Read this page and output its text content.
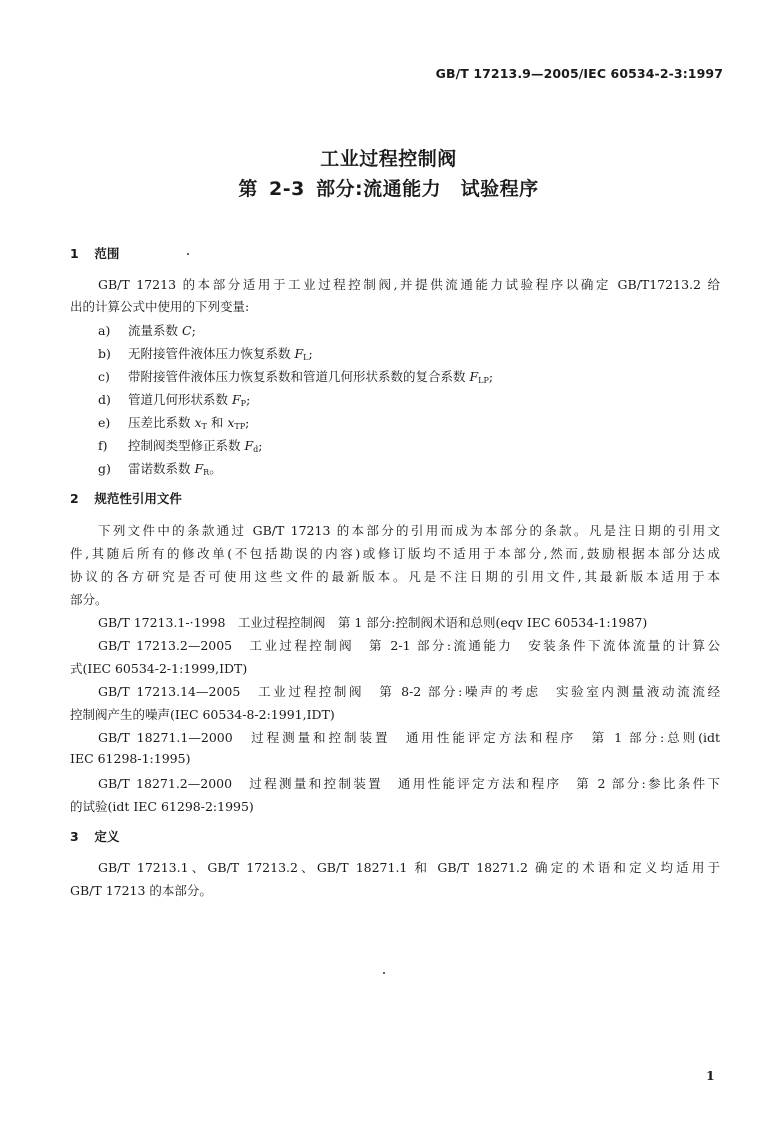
GB/T 17213.9—2005/IEC 60534-2-3:1997
工业过程控制阀
第 2-3 部分:流通能力　试验程序
1 范围
GB/T 17213 的本部分适用于工业过程控制阀,并提供流通能力试验程序以确定 GB/T17213.2 给
出的计算公式中使用的下列变量:
a) 流量系数 C;
b) 无附接管件液体压力恢复系数 $F_L$;
c) 带附接管件液体压力恢复系数和管道几何形状系数的复合系数 $F_{LP}$;
d) 管道几何形状系数 $F_P$;
e) 压差比系数 $x_T$ 和 $x_{TP}$;
f) 控制阀类型修正系数 $F_d$;
g) 雷诺数系数 $F_R$。
2 规范性引用文件
下列文件中的条款通过 GB/T 17213 的本部分的引用而成为本部分的条款。凡是注日期的引用文
件,其随后所有的修改单(不包括勘误的内容)或修订版均不适用于本部分,然而,鼓励根据本部分达成
协议的各方研究是否可使用这些文件的最新版本。凡是不注日期的引用文件,其最新版本适用于本
部分。
GB/T 17213.1-·1998　工业过程控制阀　第 1 部分:控制阀术语和总则(eqv IEC 60534-1:1987)
GB/T 17213.2—2005　工业过程控制阀　第 2-1 部分:流通能力　安装条件下流体流量的计算公
式(IEC 60534-2-1:1999,IDT)
GB/T 17213.14—2005　工业过程控制阀　第 8-2 部分:噪声的考虑　实验室内测量液动流流经
控制阀产生的噪声(IEC 60534-8-2:1991,IDT)
GB/T 18271.1—2000　过程测量和控制装置　通用性能评定方法和程序　第 1 部分:总则(idt
IEC 61298-1:1995)
GB/T 18271.2—2000　过程测量和控制装置　通用性能评定方法和程序　第 2 部分:参比条件下
的试验(idt IEC 61298-2:1995)
3 定义
GB/T 17213.1、GB/T 17213.2、GB/T 18271.1 和 GB/T 18271.2 确定的术语和定义均适用于
GB/T 17213 的本部分。
1
